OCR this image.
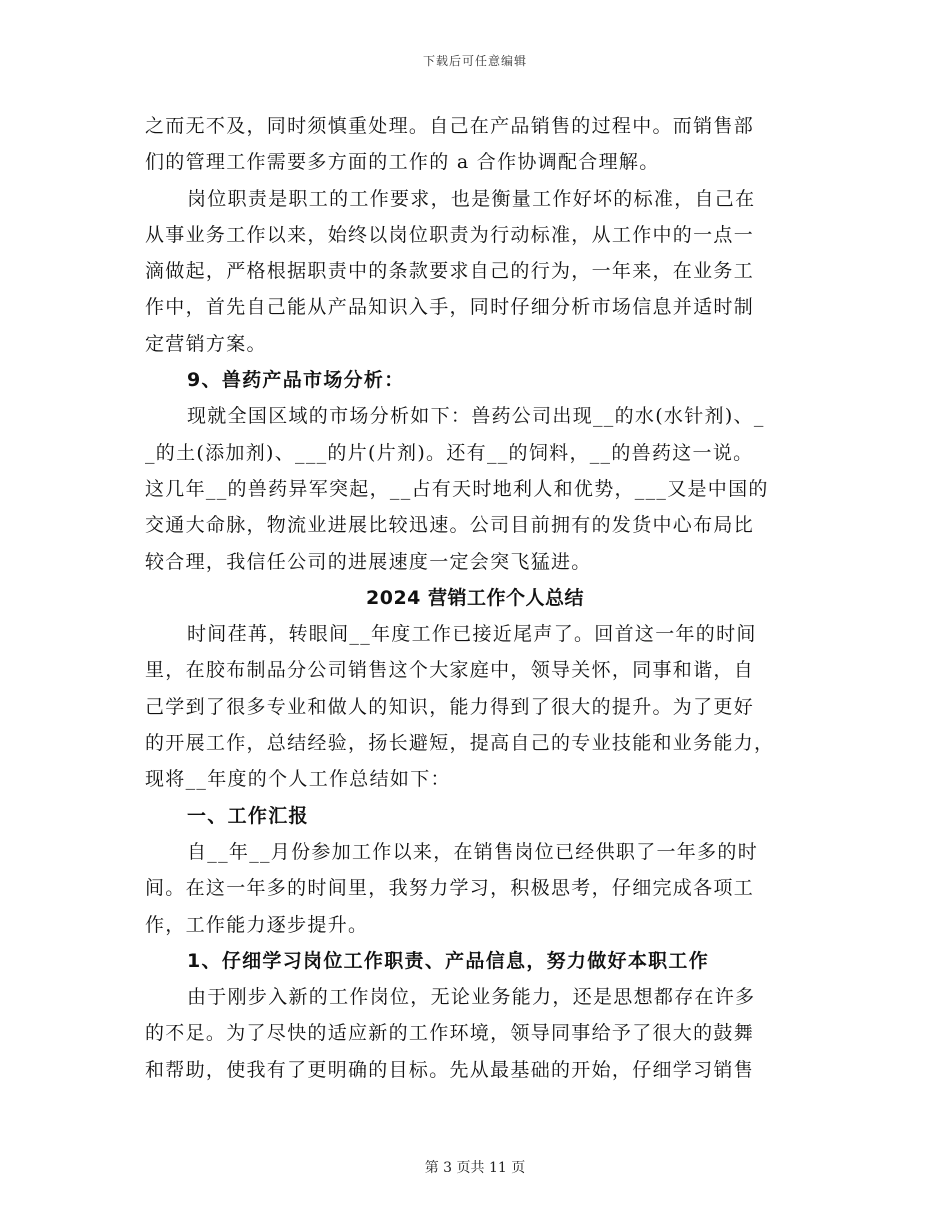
下载后可任意编辑
之而无不及，同时须慎重处理。自己在产品销售的过程中。而销售部
们的管理工作需要多方面的工作的 a 合作协调配合理解。
岗位职责是职工的工作要求，也是衡量工作好坏的标准，自己在
从事业务工作以来，始终以岗位职责为行动标准，从工作中的一点一
滴做起，严格根据职责中的条款要求自己的行为，一年来，在业务工
作中，首先自己能从产品知识入手，同时仔细分析市场信息并适时制
定营销方案。
9、兽药产品市场分析：
现就全国区域的市场分析如下：兽药公司出现__的水(水针剂)、_
_的土(添加剂)、___的片(片剂)。还有__的饲料，__的兽药这一说。
这几年__的兽药异军突起，__占有天时地利人和优势，___又是中国的
交通大命脉，物流业进展比较迅速。公司目前拥有的发货中心布局比
较合理，我信任公司的进展速度一定会突飞猛进。
2024 营销工作个人总结
时间荏苒，转眼间__年度工作已接近尾声了。回首这一年的时间
里，在胶布制品分公司销售这个大家庭中，领导关怀，同事和谐，自
己学到了很多专业和做人的知识，能力得到了很大的提升。为了更好
的开展工作，总结经验，扬长避短，提高自己的专业技能和业务能力，
现将__年度的个人工作总结如下：
一、工作汇报
自__年__月份参加工作以来，在销售岗位已经供职了一年多的时
间。在这一年多的时间里，我努力学习，积极思考，仔细完成各项工
作，工作能力逐步提升。
1、仔细学习岗位工作职责、产品信息，努力做好本职工作
由于刚步入新的工作岗位，无论业务能力，还是思想都存在许多
的不足。为了尽快的适应新的工作环境，领导同事给予了很大的鼓舞
和帮助，使我有了更明确的目标。先从最基础的开始，仔细学习销售
第 3 页共 11 页
